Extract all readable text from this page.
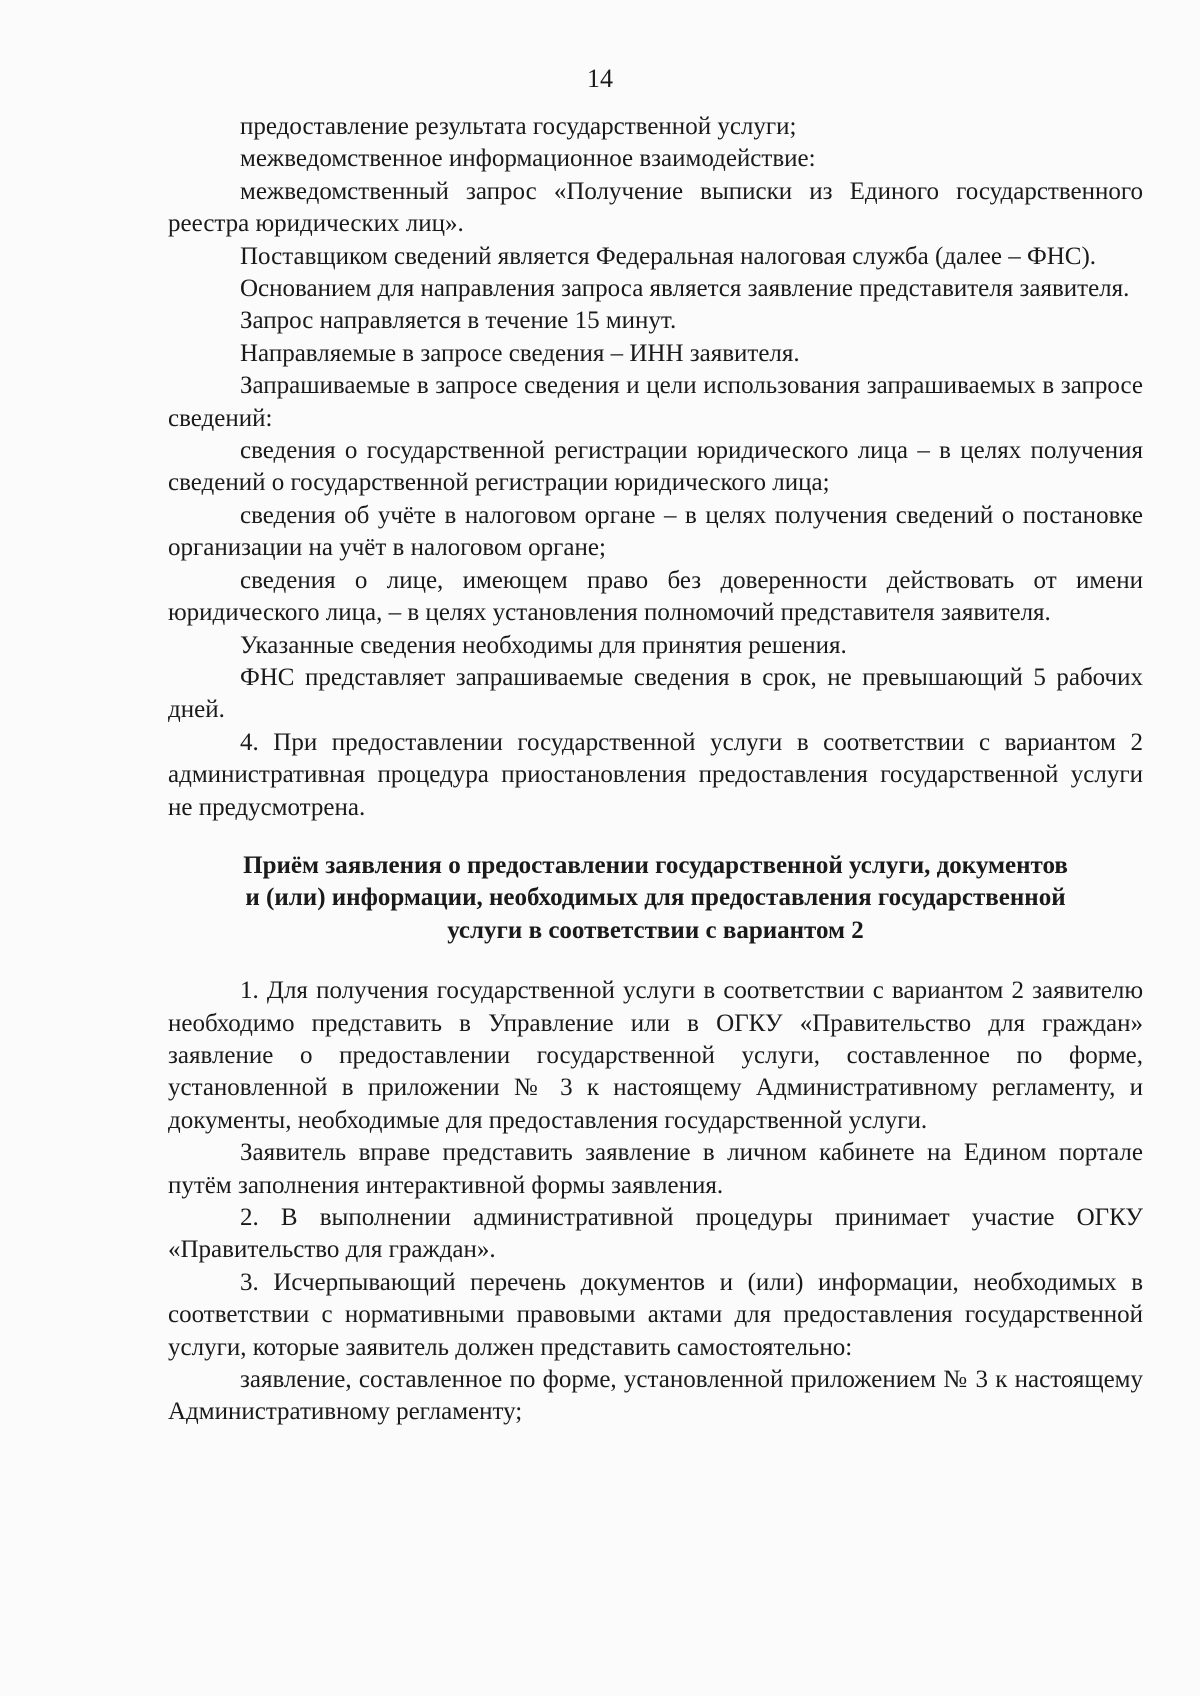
14

предоставление результата государственной услуги;

межведомственное информационное взаимодействие:

межведомственный запрос «Получение выписки из Единого государственного реестра юридических лиц».

Поставщиком сведений является Федеральная налоговая служба (далее – ФНС).

Основанием для направления запроса является заявление представителя заявителя.

Запрос направляется в течение 15 минут.

Направляемые в запросе сведения – ИНН заявителя.

Запрашиваемые в запросе сведения и цели использования запрашиваемых в запросе сведений:

сведения о государственной регистрации юридического лица – в целях получения сведений о государственной регистрации юридического лица;

сведения об учёте в налоговом органе – в целях получения сведений о постановке организации на учёт в налоговом органе;

сведения о лице, имеющем право без доверенности действовать от имени юридического лица, – в целях установления полномочий представителя заявителя.

Указанные сведения необходимы для принятия решения.

ФНС представляет запрашиваемые сведения в срок, не превышающий 5 рабочих дней.

4. При предоставлении государственной услуги в соответствии с вариантом 2 административная процедура приостановления предоставления государственной услуги не предусмотрена.

Приём заявления о предоставлении государственной услуги, документов
и (или) информации, необходимых для предоставления государственной
услуги в соответствии с вариантом 2

1. Для получения государственной услуги в соответствии с вариантом 2 заявителю необходимо представить в Управление или в ОГКУ «Правительство для граждан» заявление о предоставлении государственной услуги, составленное по форме, установленной в приложении № 3 к настоящему Административному регламенту, и документы, необходимые для предоставления государственной услуги.

Заявитель вправе представить заявление в личном кабинете на Едином портале путём заполнения интерактивной формы заявления.

2. В выполнении административной процедуры принимает участие ОГКУ «Правительство для граждан».

3. Исчерпывающий перечень документов и (или) информации, необходимых в соответствии с нормативными правовыми актами для предоставления государственной услуги, которые заявитель должен представить самостоятельно:

заявление, составленное по форме, установленной приложением № 3 к настоящему Административному регламенту;
